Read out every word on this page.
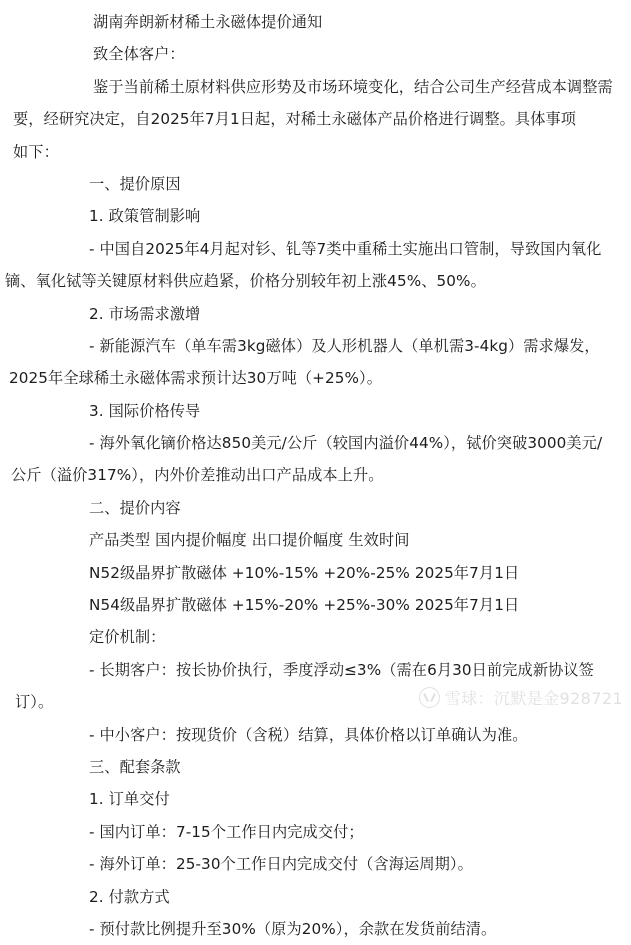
湖南奔朗新材稀土永磁体提价通知
致全体客户：
鉴于当前稀土原材料供应形势及市场环境变化，结合公司生产经营成本调整需
要，经研究决定，自2025年7月1日起，对稀土永磁体产品价格进行调整。具体事项
如下：
一、提价原因
1. 政策管制影响
- 中国自2025年4月起对钐、钆等7类中重稀土实施出口管制，导致国内氧化
镝、氧化铽等关键原材料供应趋紧，价格分别较年初上涨45%、50%。
2. 市场需求激增
- 新能源汽车（单车需3kg磁体）及人形机器人（单机需3-4kg）需求爆发，
2025年全球稀土永磁体需求预计达30万吨（+25%）。
3. 国际价格传导
- 海外氧化镝价格达850美元/公斤（较国内溢价44%），铽价突破3000美元/
公斤（溢价317%），内外价差推动出口产品成本上升。
二、提价内容
产品类型 国内提价幅度 出口提价幅度 生效时间
N52级晶界扩散磁体 +10%-15% +20%-25% 2025年7月1日
N54级晶界扩散磁体 +15%-20% +25%-30% 2025年7月1日
定价机制：
- 长期客户：按长协价执行，季度浮动≤3%（需在6月30日前完成新协议签
订）。
- 中小客户：按现货价（含税）结算，具体价格以订单确认为准。
三、配套条款
1. 订单交付
- 国内订单：7-15个工作日内完成交付；
- 海外订单：25-30个工作日内完成交付（含海运周期）。
2. 付款方式
- 预付款比例提升至30%（原为20%），余款在发货前结清。
雪球：沉默是金928721
